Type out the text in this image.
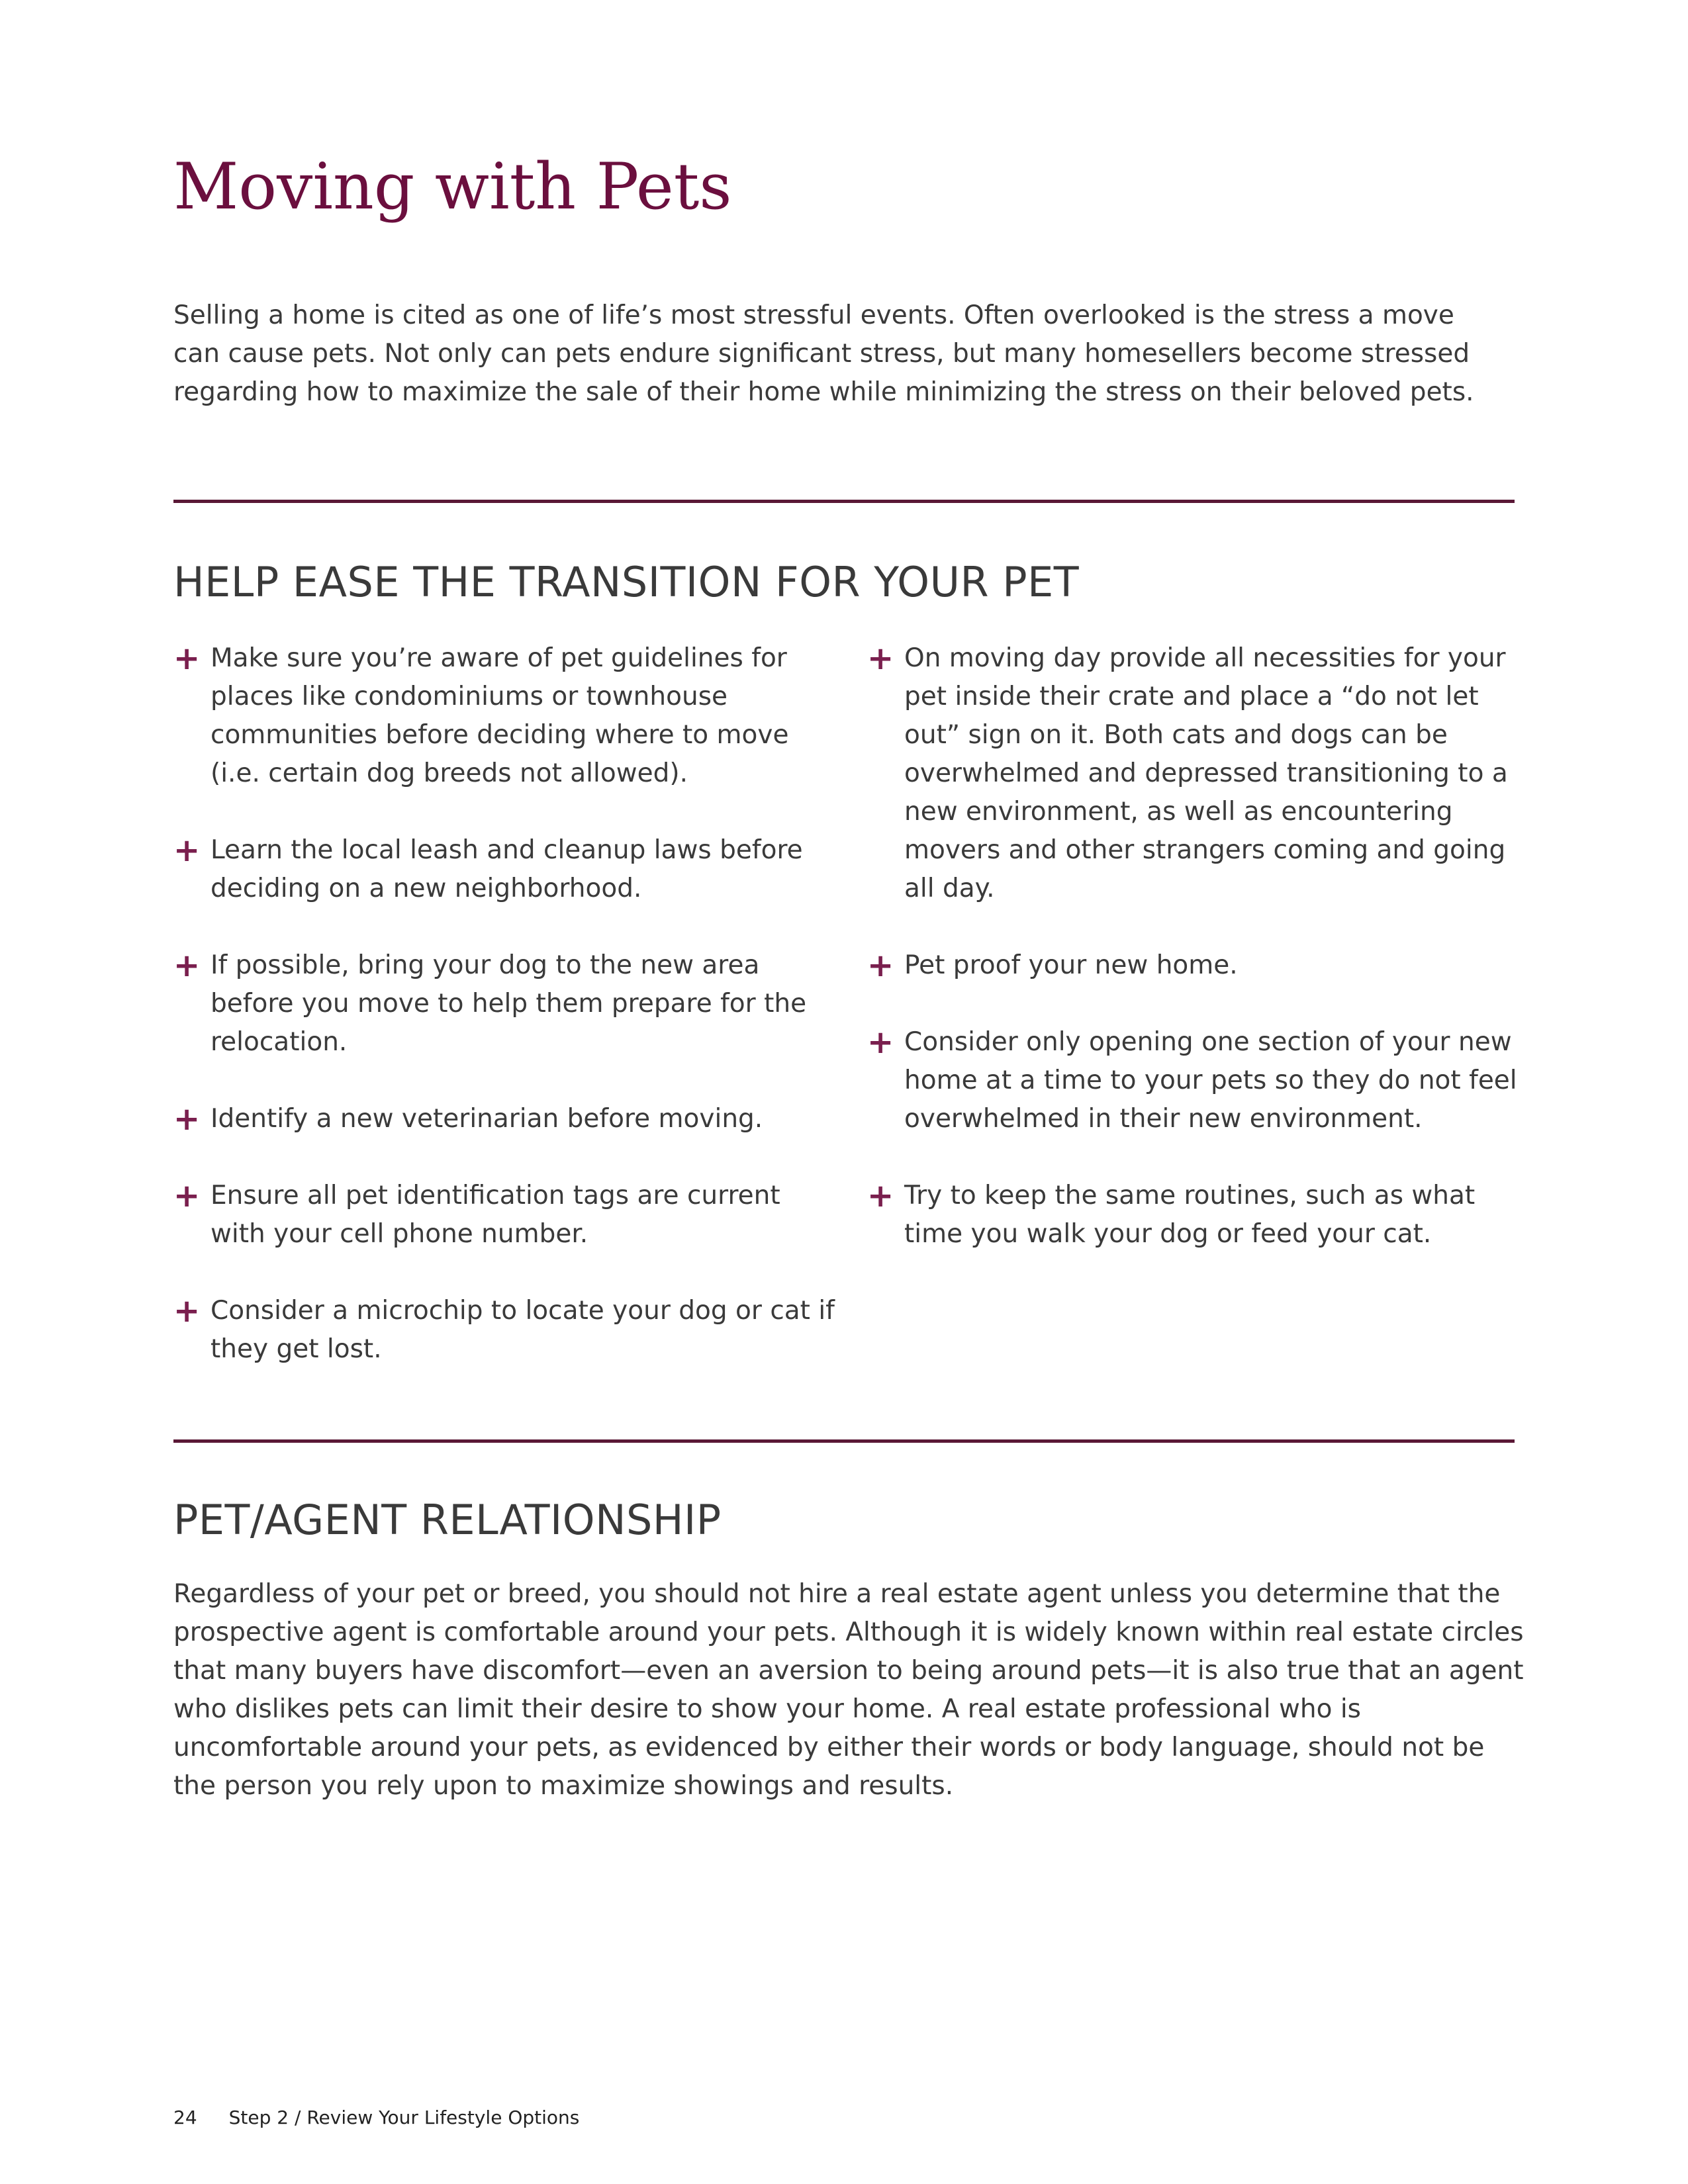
Moving with Pets

Selling a home is cited as one of life’s most stressful events. Often overlooked is the stress a move can cause pets. Not only can pets endure significant stress, but many homesellers become stressed regarding how to maximize the sale of their home while minimizing the stress on their beloved pets.

HELP EASE THE TRANSITION FOR YOUR PET
+ Make sure you’re aware of pet guidelines for places like condominiums or townhouse communities before deciding where to move (i.e. certain dog breeds not allowed).
+ Learn the local leash and cleanup laws before deciding on a new neighborhood.
+ If possible, bring your dog to the new area before you move to help them prepare for the relocation.
+ Identify a new veterinarian before moving.
+ Ensure all pet identification tags are current with your cell phone number.
+ Consider a microchip to locate your dog or cat if they get lost.
+ On moving day provide all necessities for your pet inside their crate and place a “do not let out” sign on it. Both cats and dogs can be overwhelmed and depressed transitioning to a new environment, as well as encountering movers and other strangers coming and going all day.
+ Pet proof your new home.
+ Consider only opening one section of your new home at a time to your pets so they do not feel overwhelmed in their new environment.
+ Try to keep the same routines, such as what time you walk your dog or feed your cat.
PET/AGENT RELATIONSHIP

Regardless of your pet or breed, you should not hire a real estate agent unless you determine that the prospective agent is comfortable around your pets. Although it is widely known within real estate circles that many buyers have discomfort—even an aversion to being around pets—it is also true that an agent who dislikes pets can limit their desire to show your home. A real estate professional who is uncomfortable around your pets, as evidenced by either their words or body language, should not be the person you rely upon to maximize showings and results.

24 Step 2 / Review Your Lifestyle Options
